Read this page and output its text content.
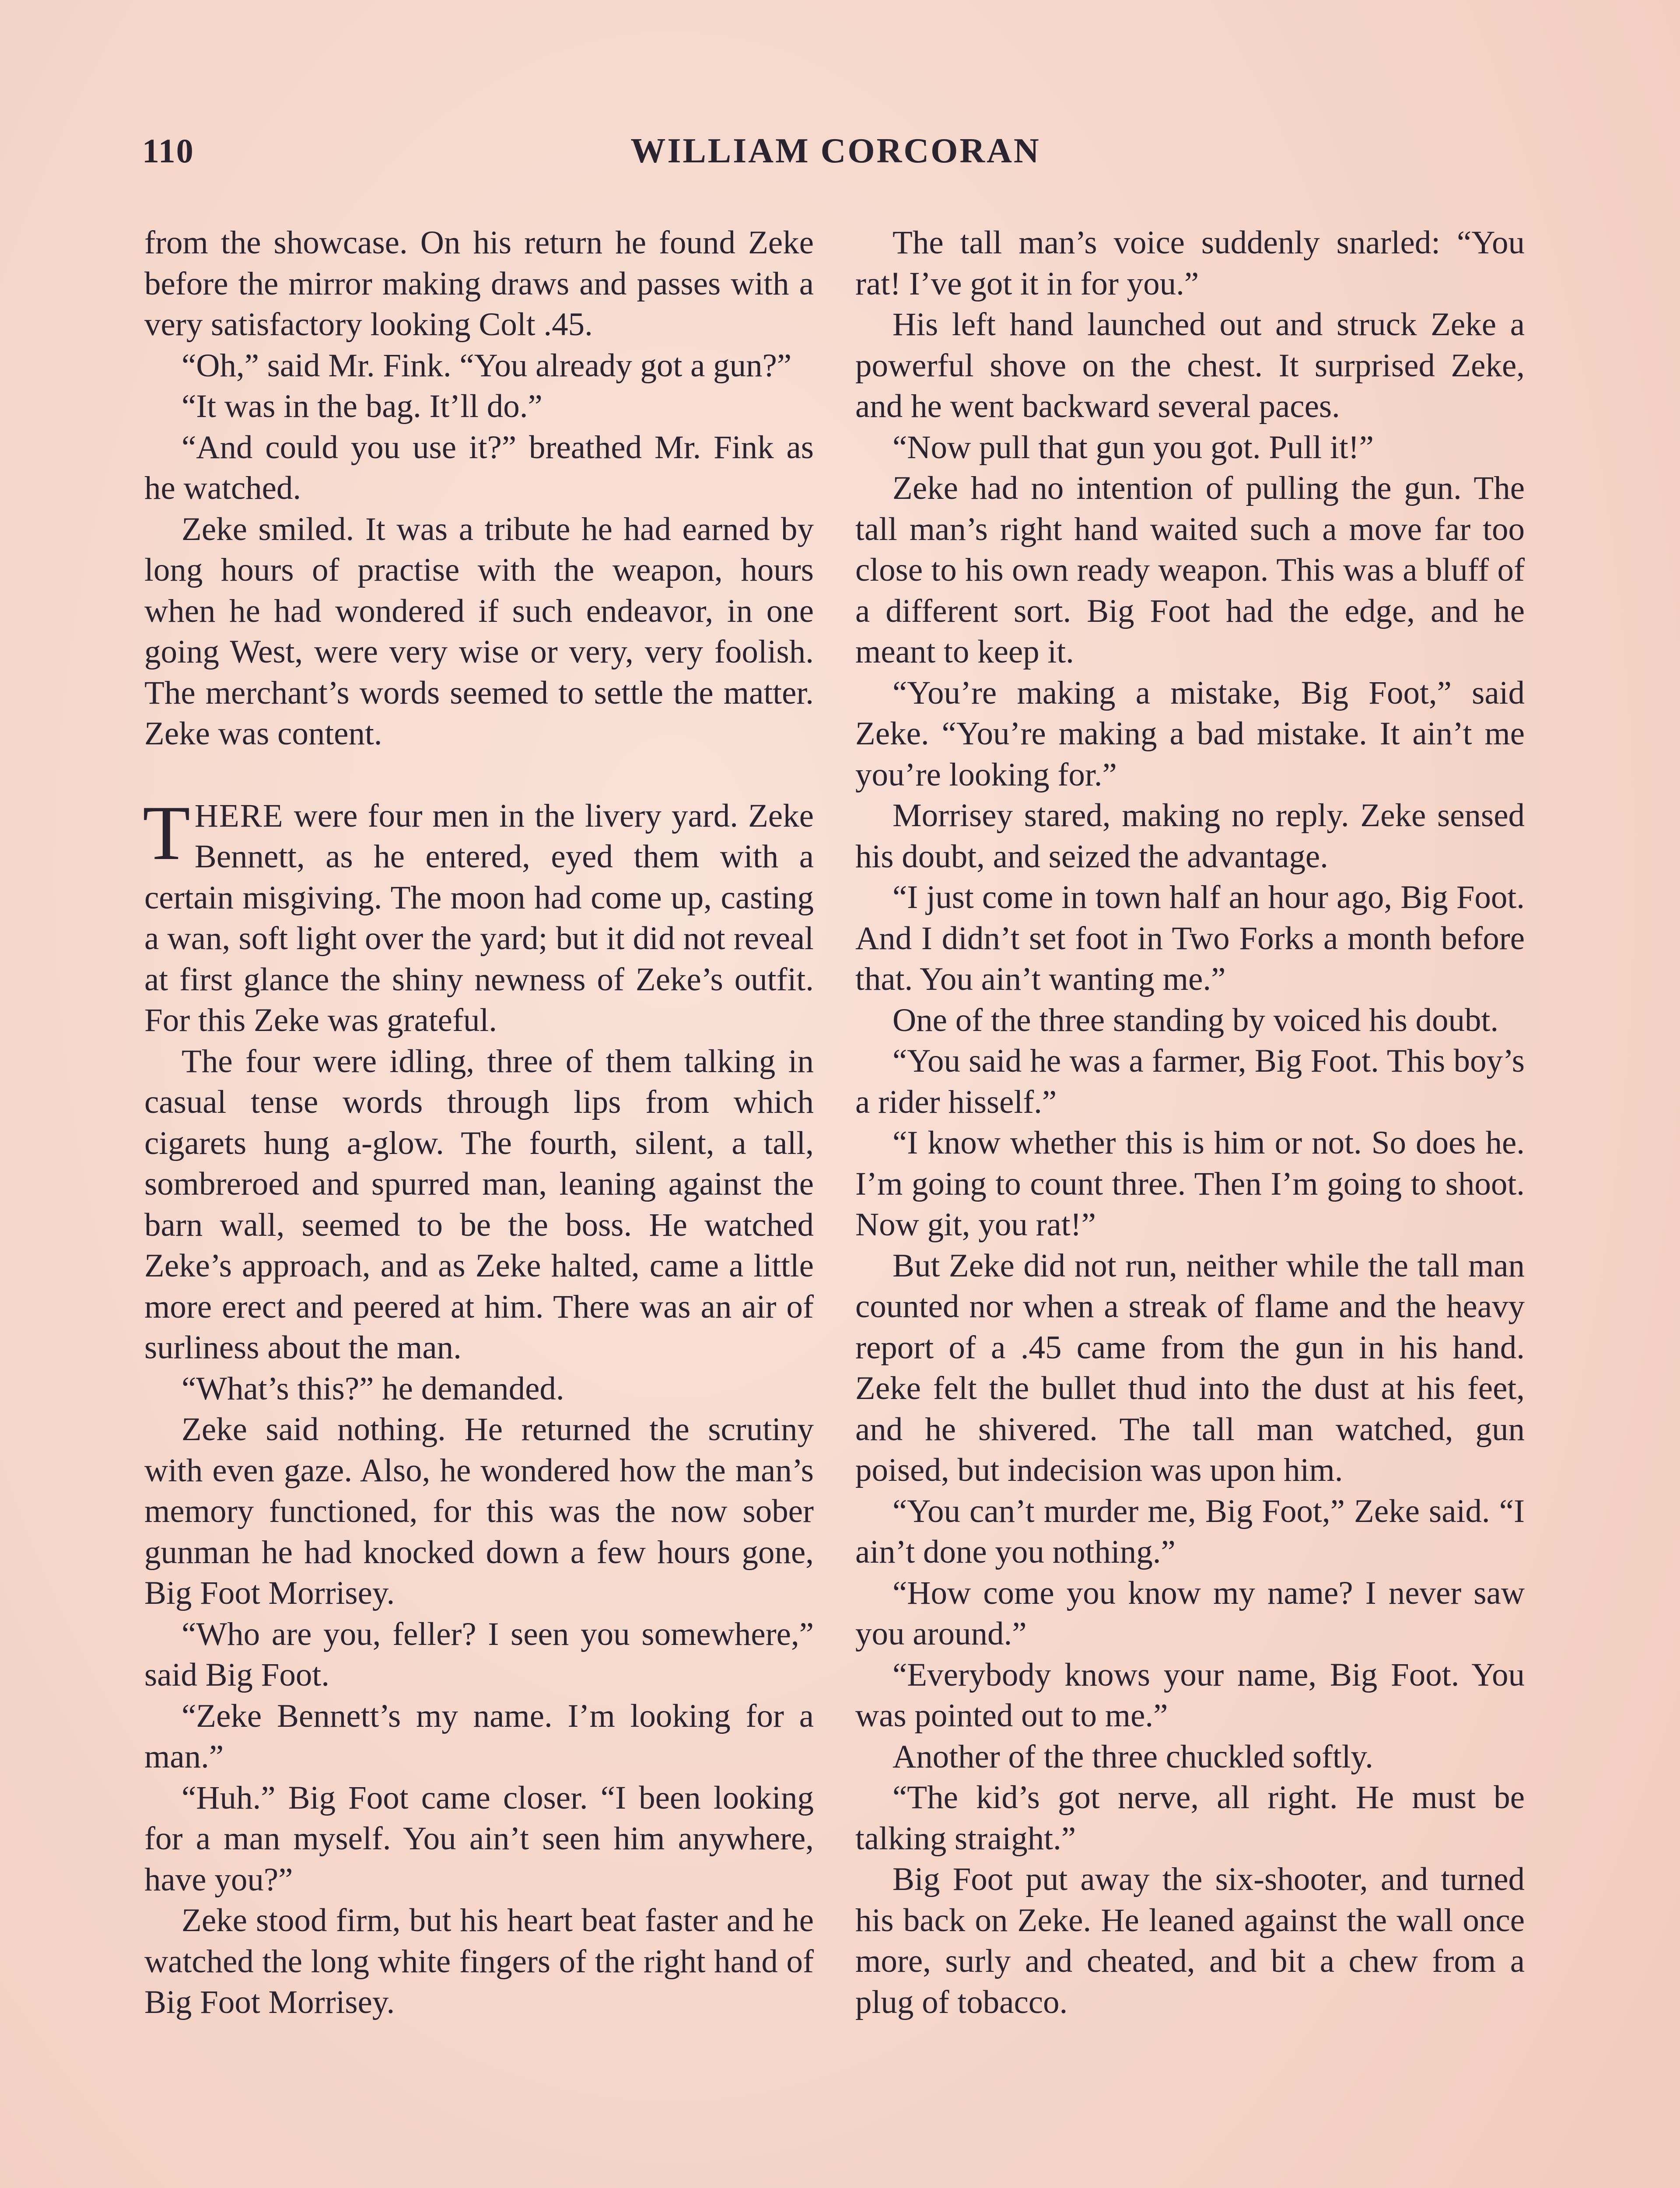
110	WILLIAM CORCORAN

from the showcase. On his return he found Zeke before the mirror making draws and passes with a very satisfactory looking Colt .45.

“Oh,” said Mr. Fink. “You already got a gun?”

“It was in the bag. It’ll do.”

“And could you use it?” breathed Mr. Fink as he watched.

Zeke smiled. It was a tribute he had earned by long hours of practise with the weapon, hours when he had wondered if such endeavor, in one going West, were very wise or very, very foolish. The merchant’s words seemed to settle the matter. Zeke was content.

THERE were four men in the livery yard. Zeke Bennett, as he entered, eyed them with a certain misgiving. The moon had come up, casting a wan, soft light over the yard; but it did not reveal at first glance the shiny newness of Zeke’s outfit. For this Zeke was grateful.

The four were idling, three of them talking in casual tense words through lips from which cigarets hung a-glow. The fourth, silent, a tall, sombreroed and spurred man, leaning against the barn wall, seemed to be the boss. He watched Zeke’s approach, and as Zeke halted, came a little more erect and peered at him. There was an air of surliness about the man.

“What’s this?” he demanded.

Zeke said nothing. He returned the scrutiny with even gaze. Also, he wondered how the man’s memory functioned, for this was the now sober gunman he had knocked down a few hours gone, Big Foot Morrisey.

“Who are you, feller? I seen you somewhere,” said Big Foot.

“Zeke Bennett’s my name. I’m looking for a man.”

“Huh.” Big Foot came closer. “I been looking for a man myself. You ain’t seen him anywhere, have you?”

Zeke stood firm, but his heart beat faster and he watched the long white fingers of the right hand of Big Foot Morrisey.

The tall man’s voice suddenly snarled: “You rat! I’ve got it in for you.”

His left hand launched out and struck Zeke a powerful shove on the chest. It surprised Zeke, and he went backward several paces.

“Now pull that gun you got. Pull it!”

Zeke had no intention of pulling the gun. The tall man’s right hand waited such a move far too close to his own ready weapon. This was a bluff of a different sort. Big Foot had the edge, and he meant to keep it.

“You’re making a mistake, Big Foot,” said Zeke. “You’re making a bad mistake. It ain’t me you’re looking for.”

Morrisey stared, making no reply. Zeke sensed his doubt, and seized the advantage.

“I just come in town half an hour ago, Big Foot. And I didn’t set foot in Two Forks a month before that. You ain’t wanting me.”

One of the three standing by voiced his doubt.

“You said he was a farmer, Big Foot. This boy’s a rider hisself.”

“I know whether this is him or not. So does he. I’m going to count three. Then I’m going to shoot. Now git, you rat!”

But Zeke did not run, neither while the tall man counted nor when a streak of flame and the heavy report of a .45 came from the gun in his hand. Zeke felt the bullet thud into the dust at his feet, and he shivered. The tall man watched, gun poised, but indecision was upon him.

“You can’t murder me, Big Foot,” Zeke said. “I ain’t done you nothing.”

“How come you know my name? I never saw you around.”

“Everybody knows your name, Big Foot. You was pointed out to me.”

Another of the three chuckled softly.

“The kid’s got nerve, all right. He must be talking straight.”

Big Foot put away the six-shooter, and turned his back on Zeke. He leaned against the wall once more, surly and cheated, and bit a chew from a plug of tobacco.
